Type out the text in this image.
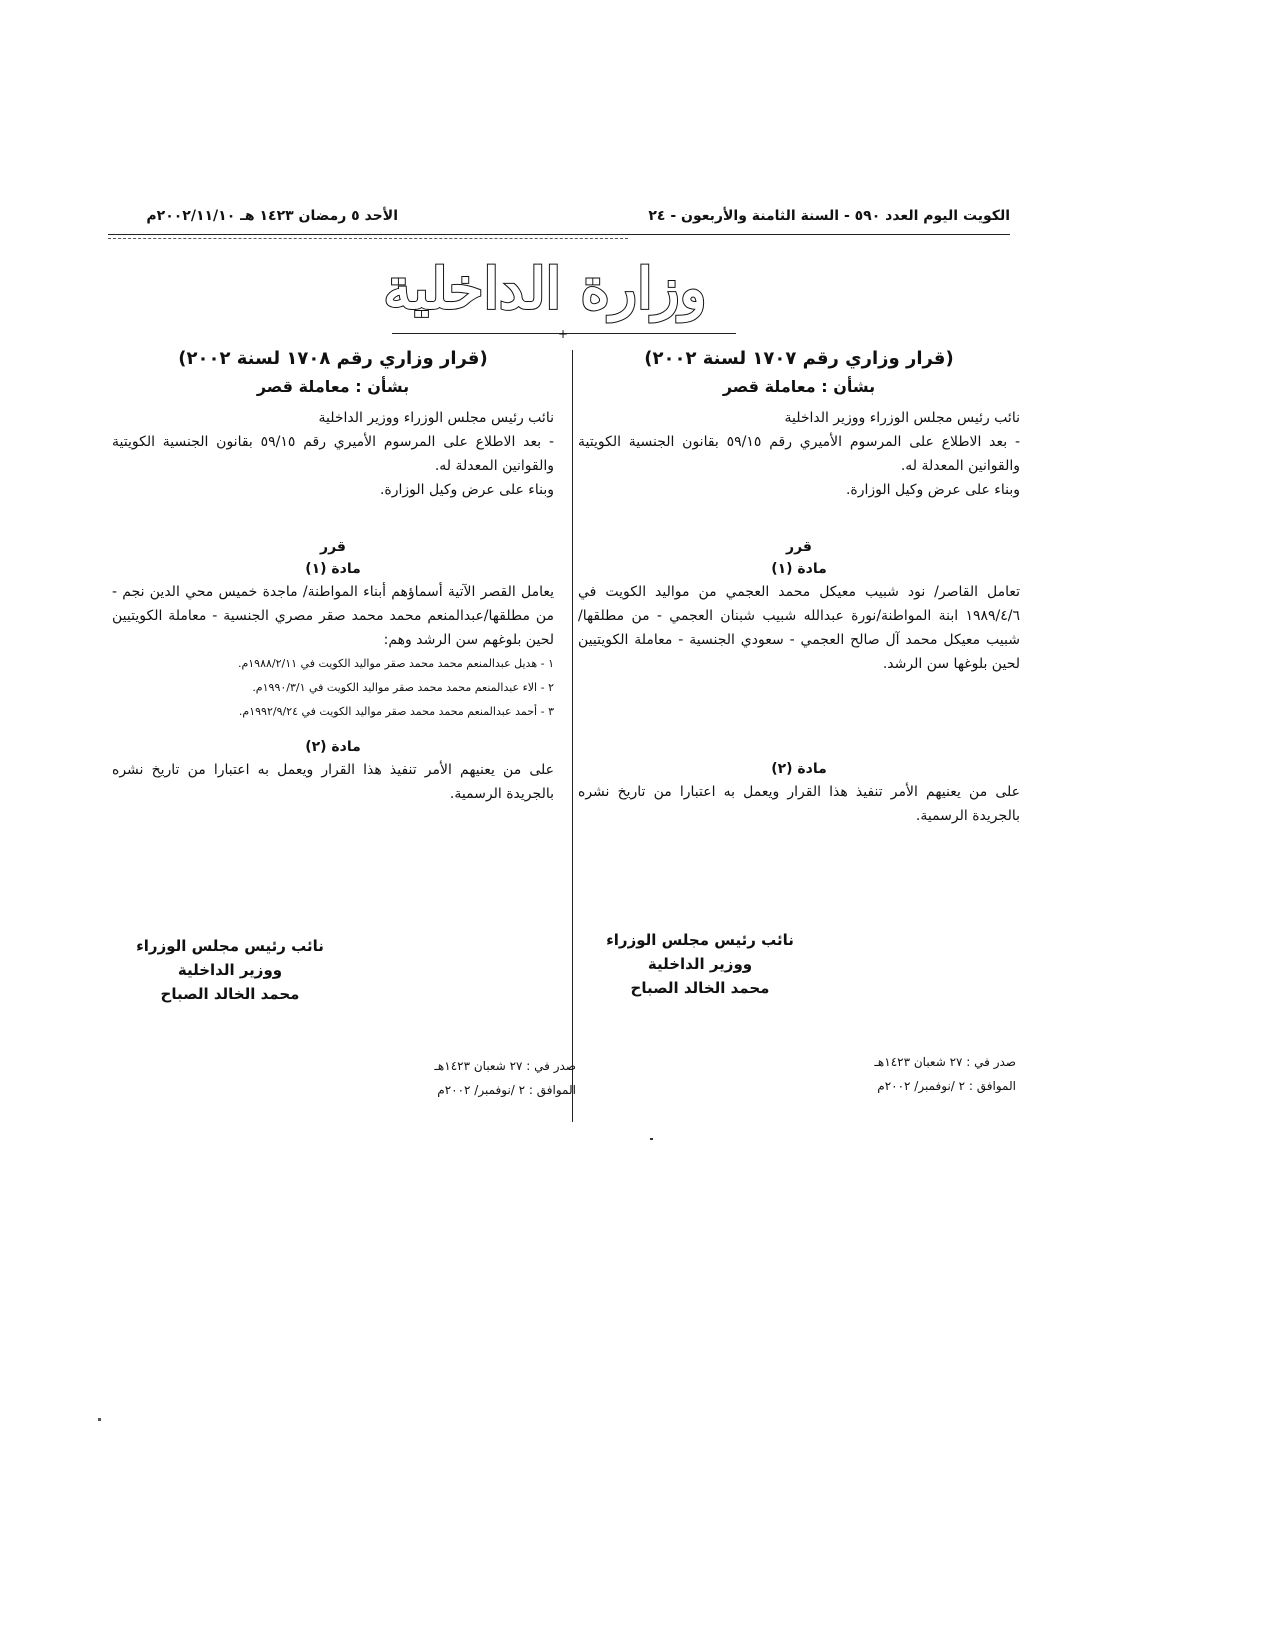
الكويت اليوم العدد ٥٩٠ - السنة الثامنة والأربعون - ٢٤
الأحد ٥ رمضان ١٤٢٣ هـ ٢٠٠٢/١١/١٠م
وزارة الداخلية
+
(قرار وزاري رقم ١٧٠٧ لسنة ٢٠٠٢)
بشأن : معاملة قصر

نائب رئيس مجلس الوزراء ووزير الداخلية

- بعد الاطلاع على المرسوم الأميري رقم ٥٩/١٥ بقانون الجنسية الكويتية والقوانين المعدلة له.

وبناء على عرض وكيل الوزارة.

قرر
مادة (١)

تعامل القاصر/ نود شبيب معيكل محمد العجمي من مواليد الكويت في ١٩٨٩/٤/٦ ابنة المواطنة/نورة عبدالله شبيب شبنان العجمي - من مطلقها/ شبيب معيكل محمد آل صالح العجمي - سعودي الجنسية - معاملة الكويتيين لحين بلوغها سن الرشد.

مادة (٢)

على من يعنيهم الأمر تنفيذ هذا القرار ويعمل به اعتبارا من تاريخ نشره بالجريدة الرسمية.

(قرار وزاري رقم ١٧٠٨ لسنة ٢٠٠٢)
بشأن : معاملة قصر

نائب رئيس مجلس الوزراء ووزير الداخلية

- بعد الاطلاع على المرسوم الأميري رقم ٥٩/١٥ بقانون الجنسية الكويتية والقوانين المعدلة له.

وبناء على عرض وكيل الوزارة.

قرر
مادة (١)

يعامل القصر الآتية أسماؤهم أبناء المواطنة/ ماجدة خميس محي الدين نجم - من مطلقها/عبدالمنعم محمد محمد صقر مصري الجنسية - معاملة الكويتيين لحين بلوغهم سن الرشد وهم:

١ - هديل عبدالمنعم محمد محمد صقر مواليد الكويت في ١٩٨٨/٢/١١م.

٢ - الاء عبدالمنعم محمد محمد صقر مواليد الكويت في ١٩٩٠/٣/١م.

٣ - أحمد عبدالمنعم محمد محمد صقر مواليد الكويت في ١٩٩٢/٩/٢٤م.

مادة (٢)

على من يعنيهم الأمر تنفيذ هذا القرار ويعمل به اعتبارا من تاريخ نشره بالجريدة الرسمية.

نائب رئيس مجلس الوزراء
ووزير الداخلية
محمد الخالد الصباح
نائب رئيس مجلس الوزراء
ووزير الداخلية
محمد الخالد الصباح
صدر في : ٢٧ شعبان ١٤٢٣هـ
الموافق : ٢ /نوفمبر/ ٢٠٠٢م
صدر في : ٢٧ شعبان ١٤٢٣هـ
الموافق : ٢ /نوفمبر/ ٢٠٠٢م
